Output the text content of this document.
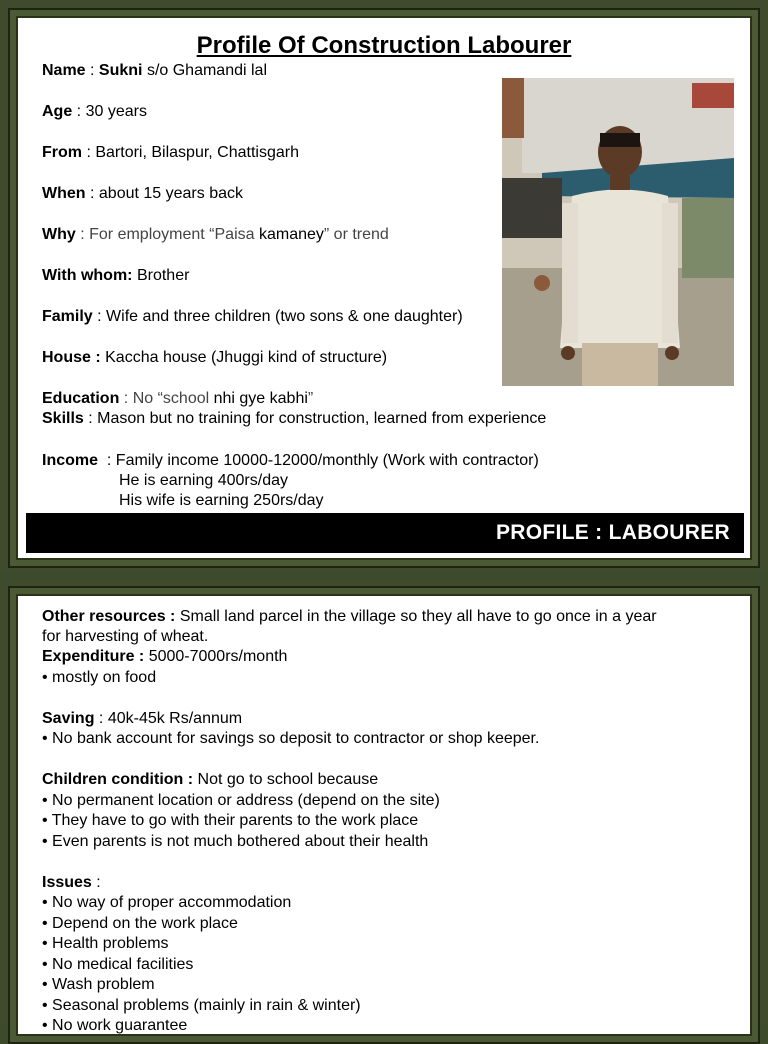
Profile Of Construction Labourer
Name : Sukni s/o Ghamandi lal
Age : 30 years
From : Bartori, Bilaspur, Chattisgarh
When : about 15 years back
Why : For employment “Paisa kamaney” or trend
With whom: Brother
Family : Wife and three children (two sons & one daughter)
House : Kaccha house (Jhuggi kind of structure)
Education : No “school nhi gye kabhi”
Skills : Mason but no training for construction, learned from experience
Income  : Family income 10000-12000/monthly (Work with contractor)
He is earning 400rs/day
His wife is earning 250rs/day
PROFILE : LABOURER
Other resources : Small land parcel in the village so they all have to go once in a year
for harvesting of wheat.
Expenditure : 5000-7000rs/month
• mostly on food
Saving : 40k-45k Rs/annum
• No bank account for savings so deposit to contractor or shop keeper.
Children condition : Not go to school because
• No permanent location or address (depend on the site)
• They have to go with their parents to the work place
• Even parents is not much bothered about their health
Issues :
• No way of proper accommodation
• Depend on the work place
• Health problems
• No medical facilities
• Wash problem
• Seasonal problems (mainly in rain & winter)
• No work guarantee
